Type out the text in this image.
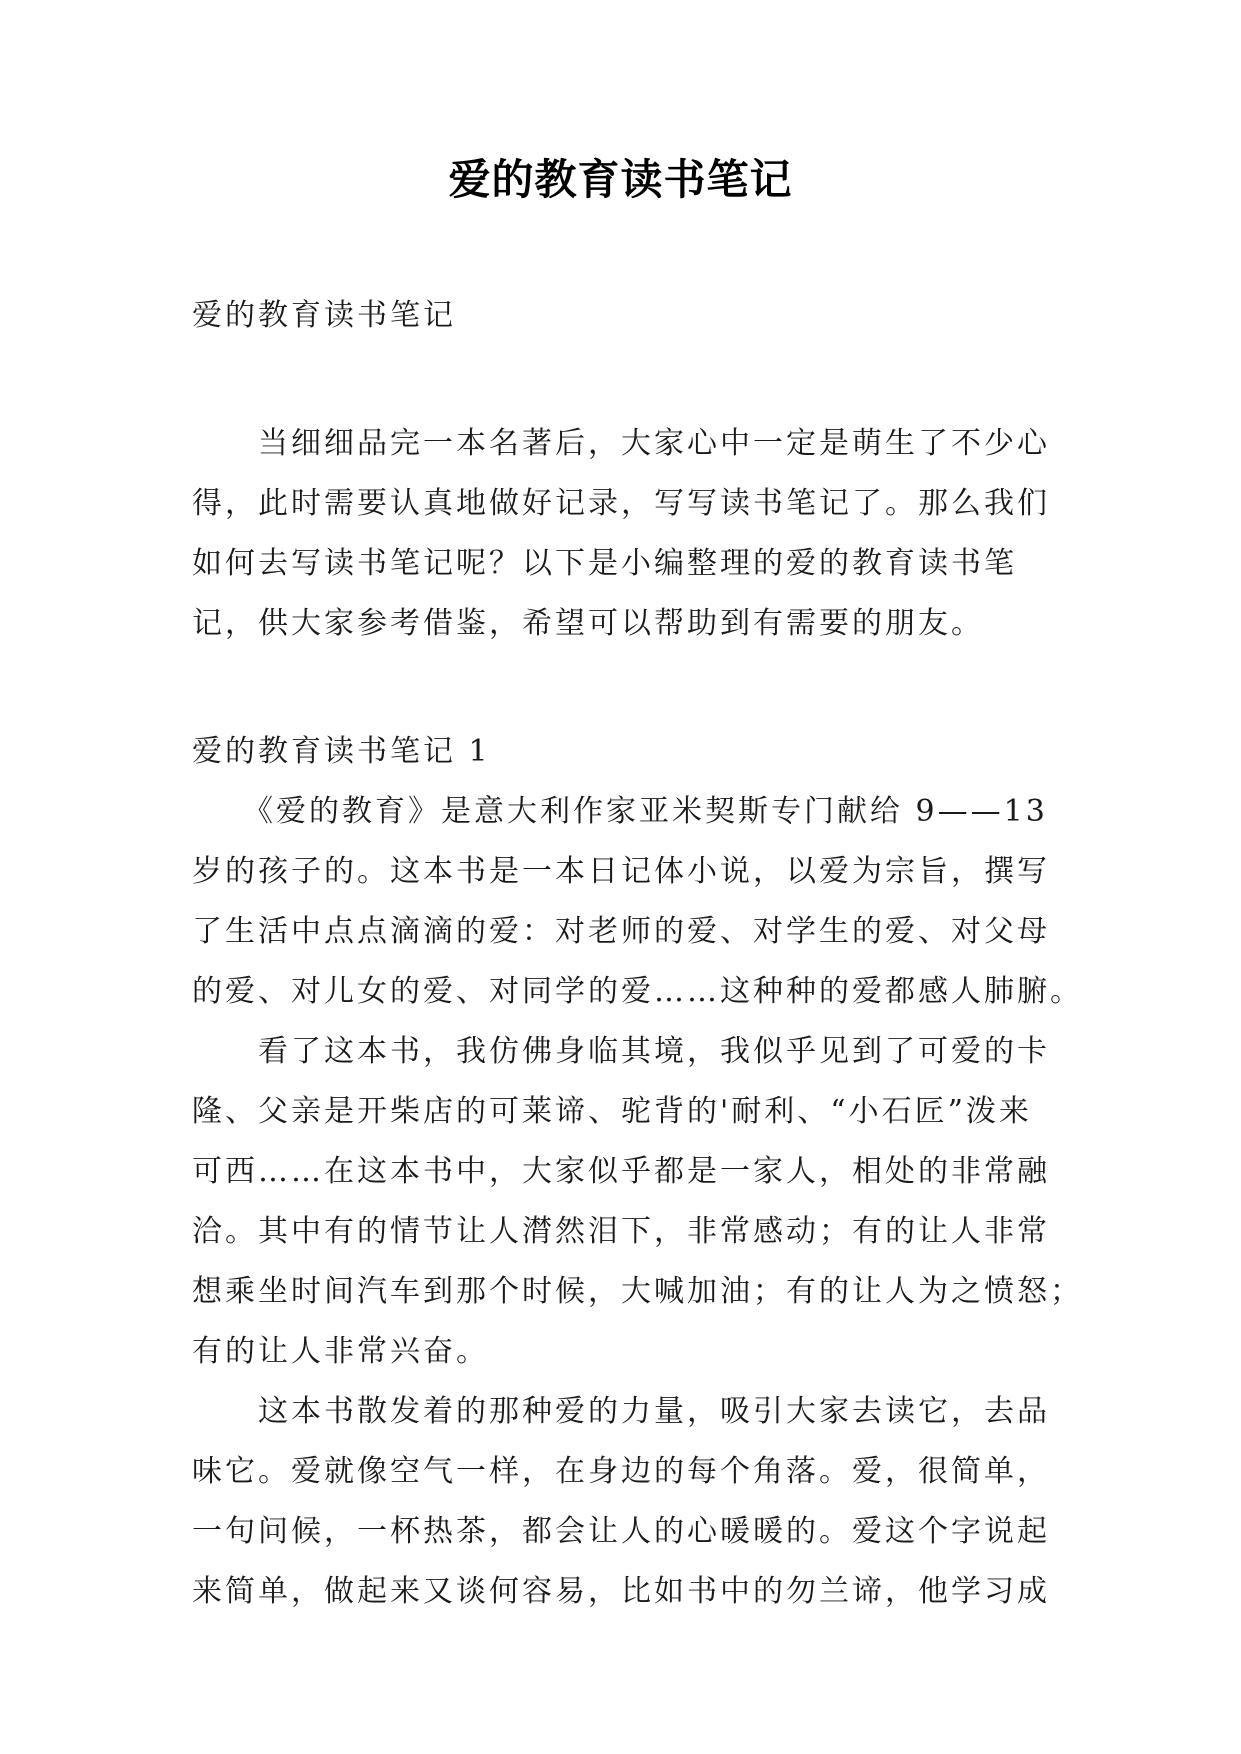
爱的教育读书笔记
爱的教育读书笔记
　　当细细品完一本名著后，大家心中一定是萌生了不少心
得，此时需要认真地做好记录，写写读书笔记了。那么我们
如何去写读书笔记呢？以下是小编整理的爱的教育读书笔
记，供大家参考借鉴，希望可以帮助到有需要的朋友。
爱的教育读书笔记 1
　　《爱的教育》是意大利作家亚米契斯专门献给 9——13
岁的孩子的。这本书是一本日记体小说，以爱为宗旨，撰写
了生活中点点滴滴的爱：对老师的爱、对学生的爱、对父母
的爱、对儿女的爱、对同学的爱……这种种的爱都感人肺腑。
　　看了这本书，我仿佛身临其境，我似乎见到了可爱的卡
隆、父亲是开柴店的可莱谛、驼背的'耐利、“小石匠”泼来
可西……在这本书中，大家似乎都是一家人，相处的非常融
洽。其中有的情节让人潸然泪下，非常感动；有的让人非常
想乘坐时间汽车到那个时候，大喊加油；有的让人为之愤怒；
有的让人非常兴奋。
　　这本书散发着的那种爱的力量，吸引大家去读它，去品
味它。爱就像空气一样，在身边的每个角落。爱，很简单，
一句问候，一杯热茶，都会让人的心暖暖的。爱这个字说起
来简单，做起来又谈何容易，比如书中的勿兰谛，他学习成
